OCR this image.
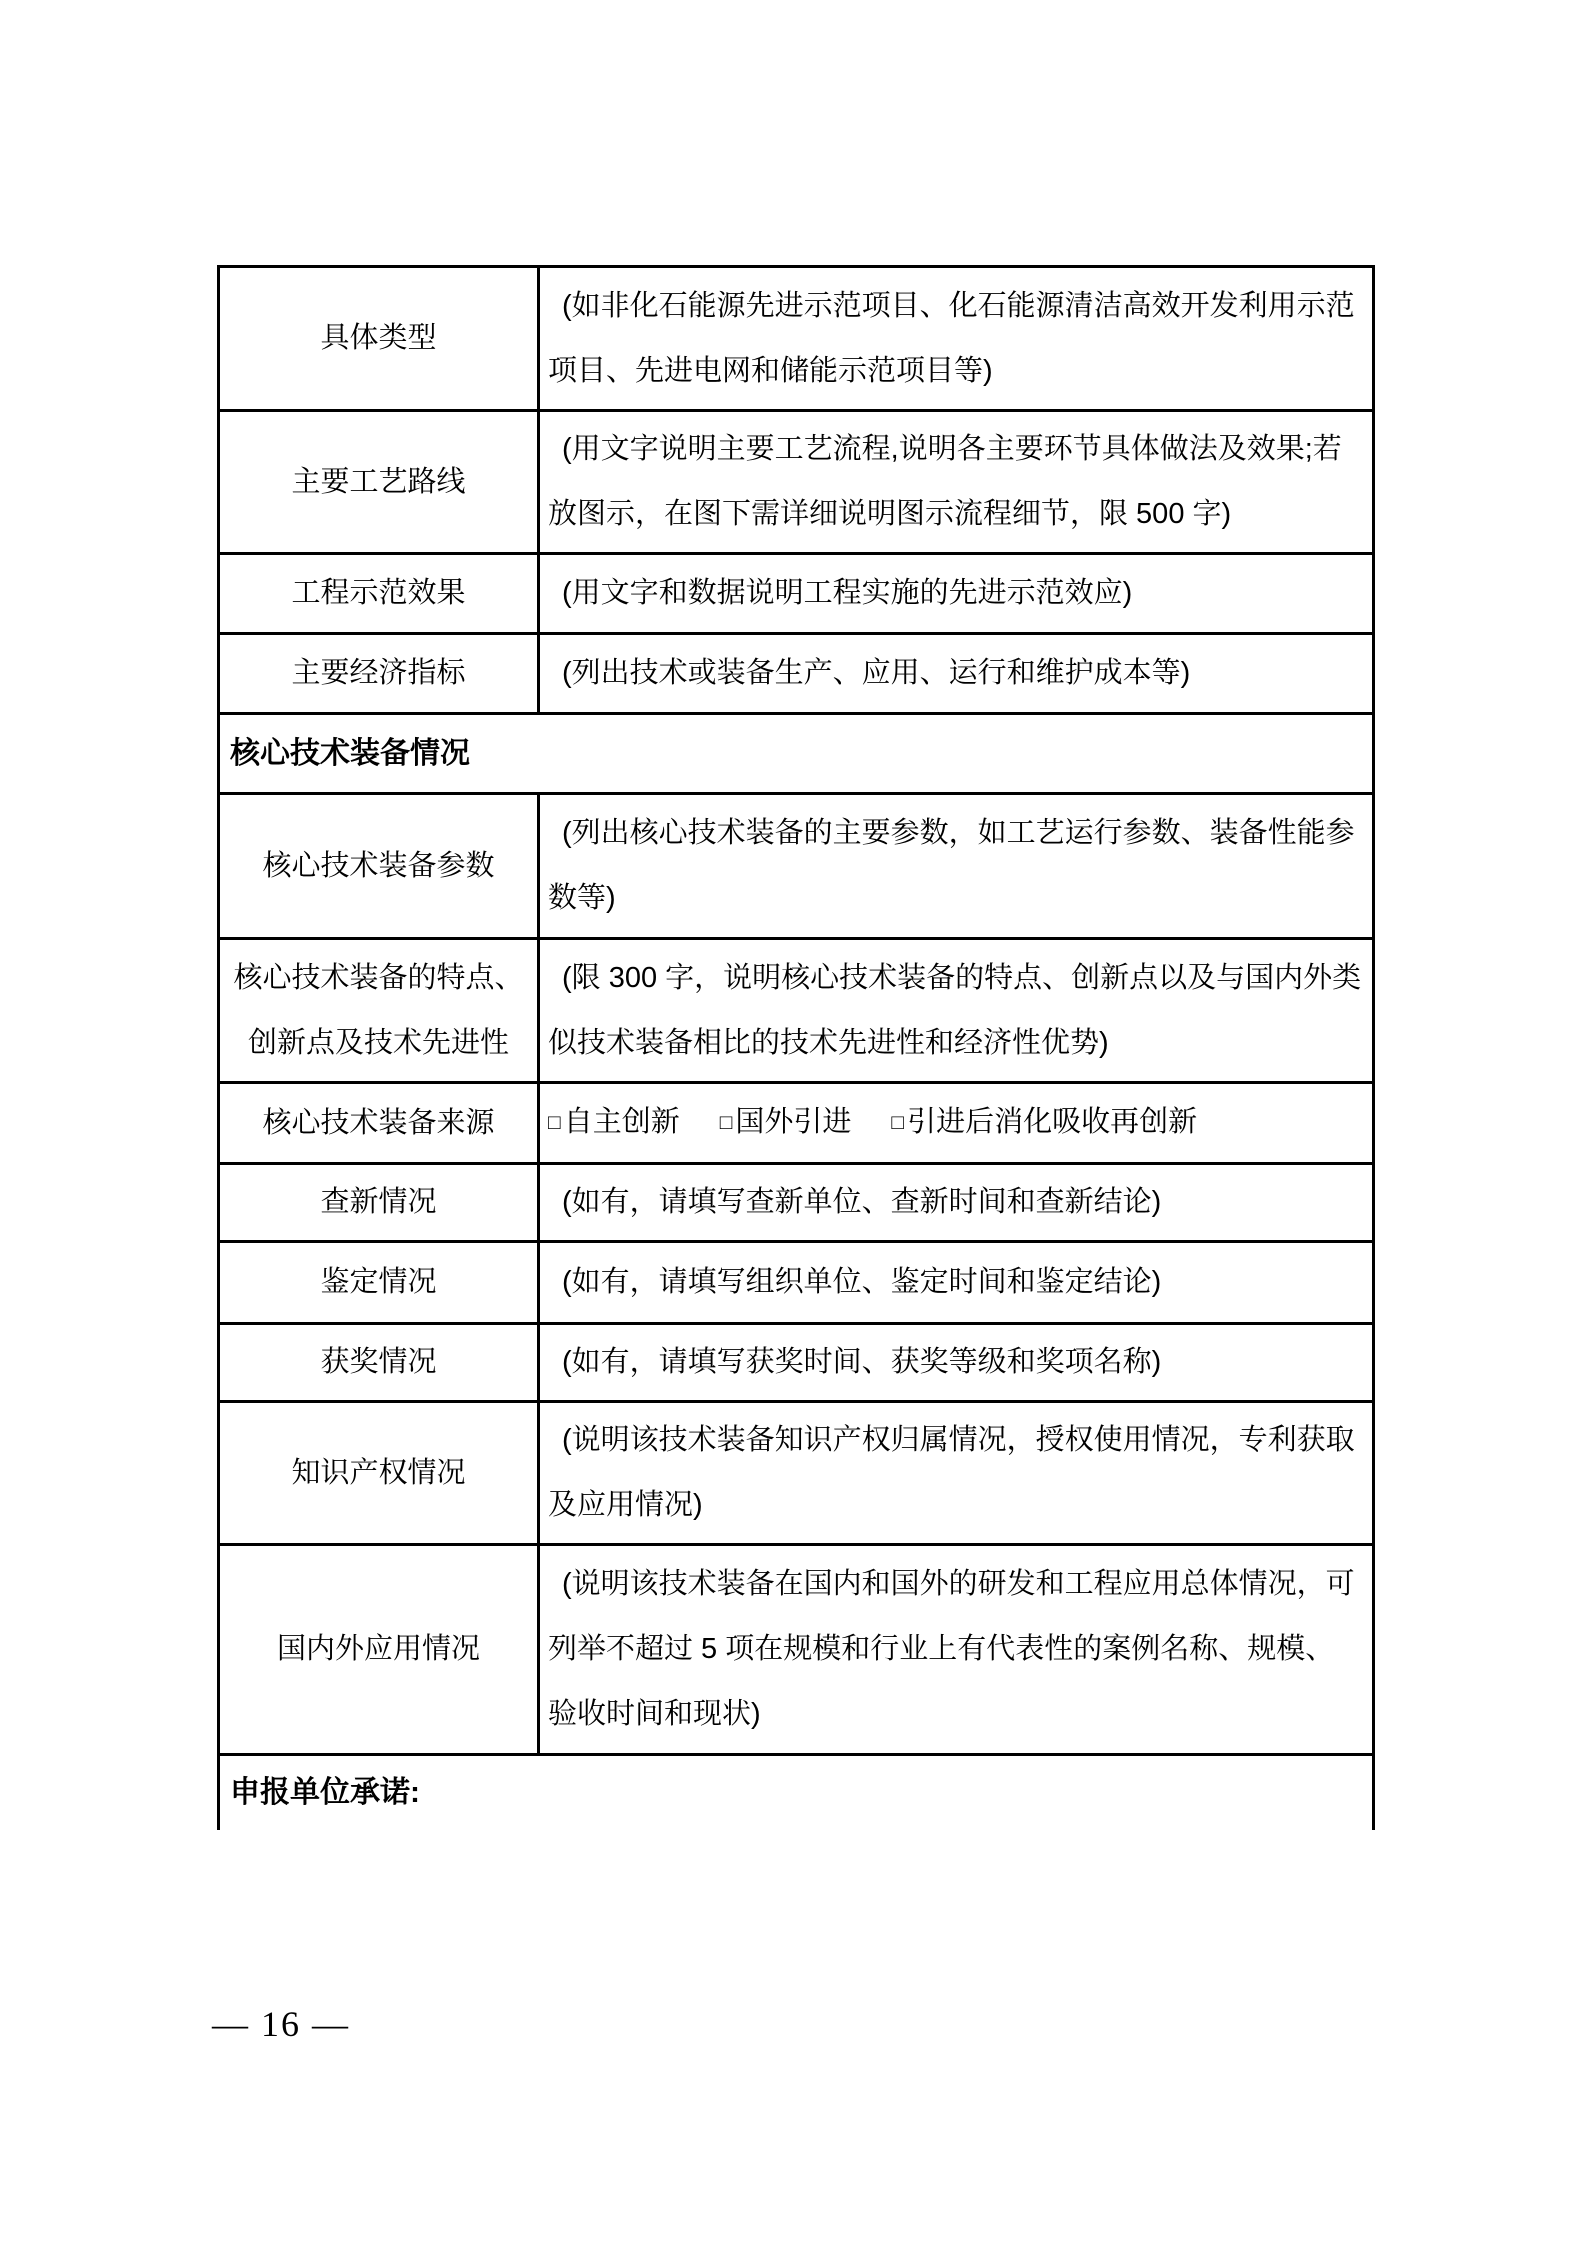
具体类型	(如非化石能源先进示范项目、化石能源清洁高效开发利用示范项目、先进电网和储能示范项目等)
主要工艺路线	(用文字说明主要工艺流程,说明各主要环节具体做法及效果;若放图示，在图下需详细说明图示流程细节，限 500 字)
工程示范效果	(用文字和数据说明工程实施的先进示范效应)
主要经济指标	(列出技术或装备生产、应用、运行和维护成本等)
核心技术装备情况	
核心技术装备参数	(列出核心技术装备的主要参数，如工艺运行参数、装备性能参数等)
核心技术装备的特点、创新点及技术先进性	(限 300 字，说明核心技术装备的特点、创新点以及与国内外类似技术装备相比的技术先进性和经济性优势)
核心技术装备来源	□ 自主创新 □ 国外引进 □ 引进后消化吸收再创新
查新情况	(如有，请填写查新单位、查新时间和查新结论)
鉴定情况	(如有，请填写组织单位、鉴定时间和鉴定结论)
获奖情况	(如有，请填写获奖时间、获奖等级和奖项名称)
知识产权情况	(说明该技术装备知识产权归属情况，授权使用情况，专利获取及应用情况)
国内外应用情况	(说明该技术装备在国内和国外的研发和工程应用总体情况，可列举不超过 5 项在规模和行业上有代表性的案例名称、规模、验收时间和现状)
申报单位承诺:	
— 16 —
